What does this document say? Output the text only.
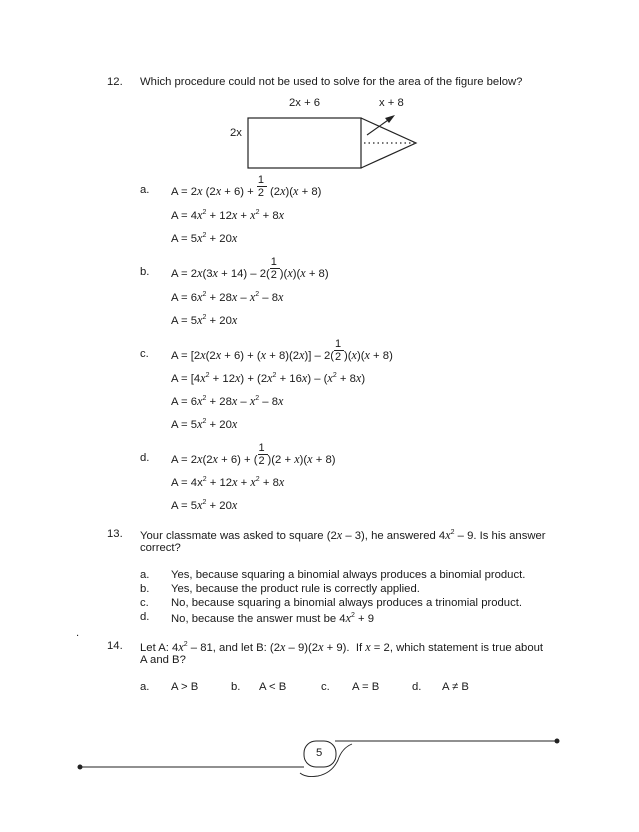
12. Which procedure could not be used to solve for the area of the figure below?
2x + 6	x + 8
2x
a. A = 2x $(2x + 6) + \frac{1}{2} (2x)(x + 8)$
$A = 4x^2 + 12x + x^2 + 8x$
$A = 5x^2 + 20x$
b. $A = 2x(3x + 14) - 2( \frac{1}{2} )(x)(x + 8)$
$A = 6x^2 + 28x - x^2 - 8x$
$A = 5x^2 + 20x$
c. $A = [2x(2x + 6) + (x + 8)(2x)] - 2( \frac{1}{2} )(x)(x + 8)$
$A = [4x^2 + 12x) + (2x^2 + 16x) - (x^2 + 8x)$
$A = 6x^2 + 28x - x^2 - 8x$
$A = 5x^2 + 20x$
d. A = 2x(2x + 6) + ( $\frac{1}{2} )(2 + x)(x + 8)$
$A = 4x^2 + 12x + x^2 + 8x$
$A = 5x^2 + 20x$
13. Your classmate was asked to square (2x – 3), he answered $4x^2 - 9$. Is his answer
correct?
a. Yes, because squaring a binomial always produces a binomial product.
b. Yes, because the product rule is correctly applied.
c. No, because squaring a binomial always produces a trinomial product.
d. No, because the answer must be $4x^2 + 9$
.
14. Let A: $4x^2 - 81$, and let B: (2x – 9)(2x + 9).  If x = 2, which statement is true about
A and B?
a. A > B	b. A < B	c. A = B	d. A ≠ B
5
